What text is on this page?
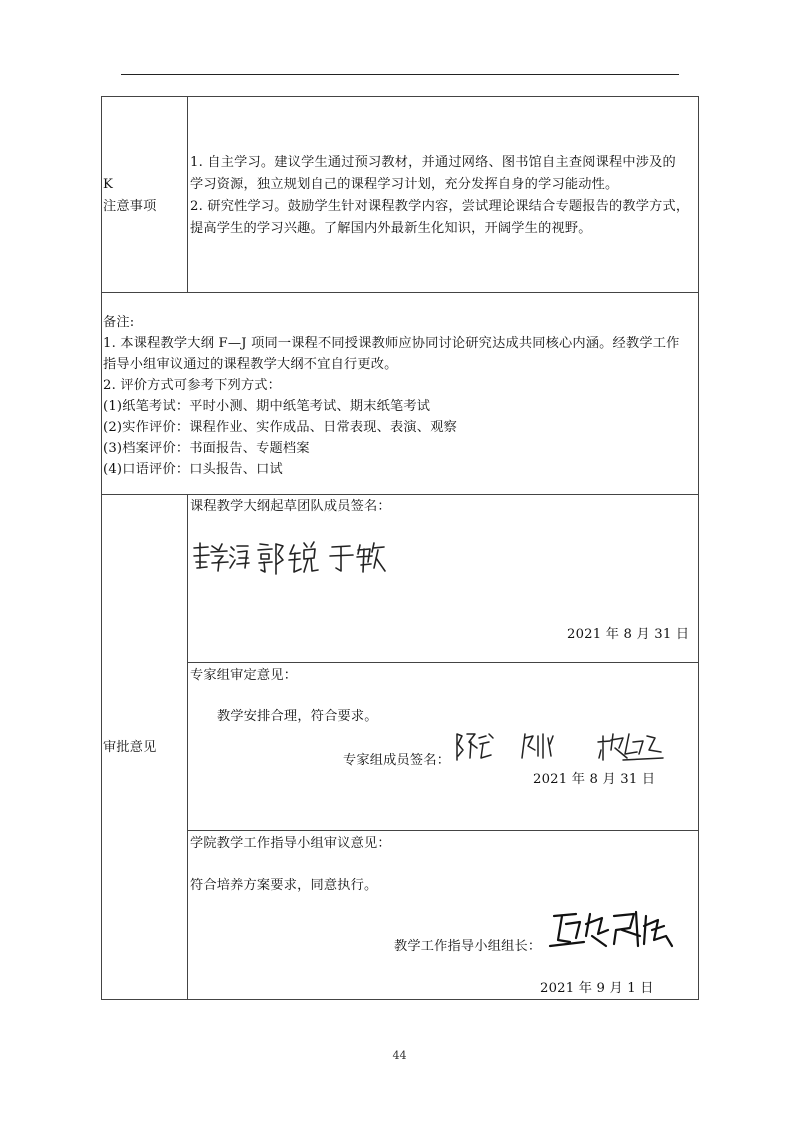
K
注意事项
1. 自主学习。建议学生通过预习教材，并通过网络、图书馆自主查阅课程中涉及的
学习资源，独立规划自己的课程学习计划，充分发挥自身的学习能动性。
2. 研究性学习。鼓励学生针对课程教学内容，尝试理论课结合专题报告的教学方式，
提高学生的学习兴趣。了解国内外最新生化知识，开阔学生的视野。
备注:
1. 本课程教学大纲 F—J 项同一课程不同授课教师应协同讨论研究达成共同核心内涵。经教学工作
指导小组审议通过的课程教学大纲不宜自行更改。
2. 评价方式可参考下列方式：
(1)纸笔考试：平时小测、期中纸笔考试、期末纸笔考试
(2)实作评价：课程作业、实作成品、日常表现、表演、观察
(3)档案评价：书面报告、专题档案
(4)口语评价：口头报告、口试
审批意见
课程教学大纲起草团队成员签名：
2021 年 8 月 31 日
专家组审定意见：
教学安排合理，符合要求。
专家组成员签名：
2021 年 8 月 31 日
学院教学工作指导小组审议意见：
符合培养方案要求，同意执行。
教学工作指导小组组长：
2021 年 9 月 1 日
44
